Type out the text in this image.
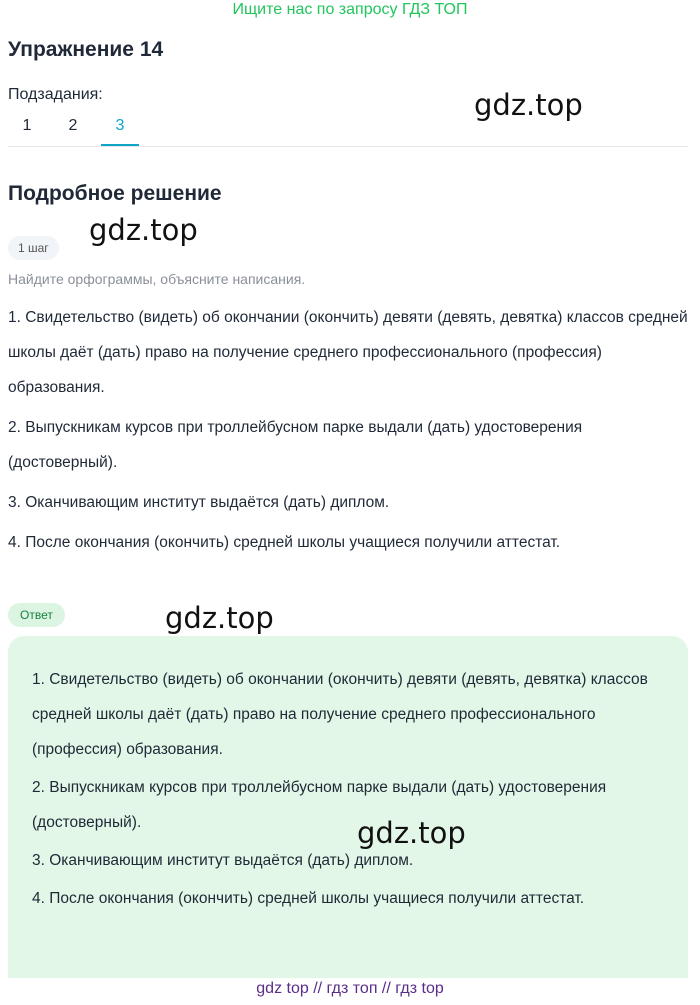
Ищите нас по запросу ГДЗ ТОП
Упражнение 14
Подзадания:
1	2	3
gdz.top
Подробное решение
gdz.top
1 шаг
Найдите орфограммы, объясните написания.

1. Свидетельство (видеть) об окончании (окончить) девяти (девять, девятка) классов средней школы даёт (дать) право на получение среднего профессионального (профессия) образования.

2. Выпускникам курсов при троллейбусном парке выдали (дать) удостоверения (достоверный).

3. Оканчивающим институт выдаётся (дать) диплом.

4. После окончания (окончить) средней школы учащиеся получили аттестат.

Ответ	gdz.top

1. Свидетельство (видеть) об окончании (окончить) девяти (девять, девятка) классов средней школы даёт (дать) право на получение среднего профессионального (профессия) образования.

2. Выпускникам курсов при троллейбусном парке выдали (дать) удостоверения (достоверный).

3. Оканчивающим институт выдаётся (дать) диплом.

4. После окончания (окончить) средней школы учащиеся получили аттестат.

gdz.top
gdz top // гдз топ // гдз top
